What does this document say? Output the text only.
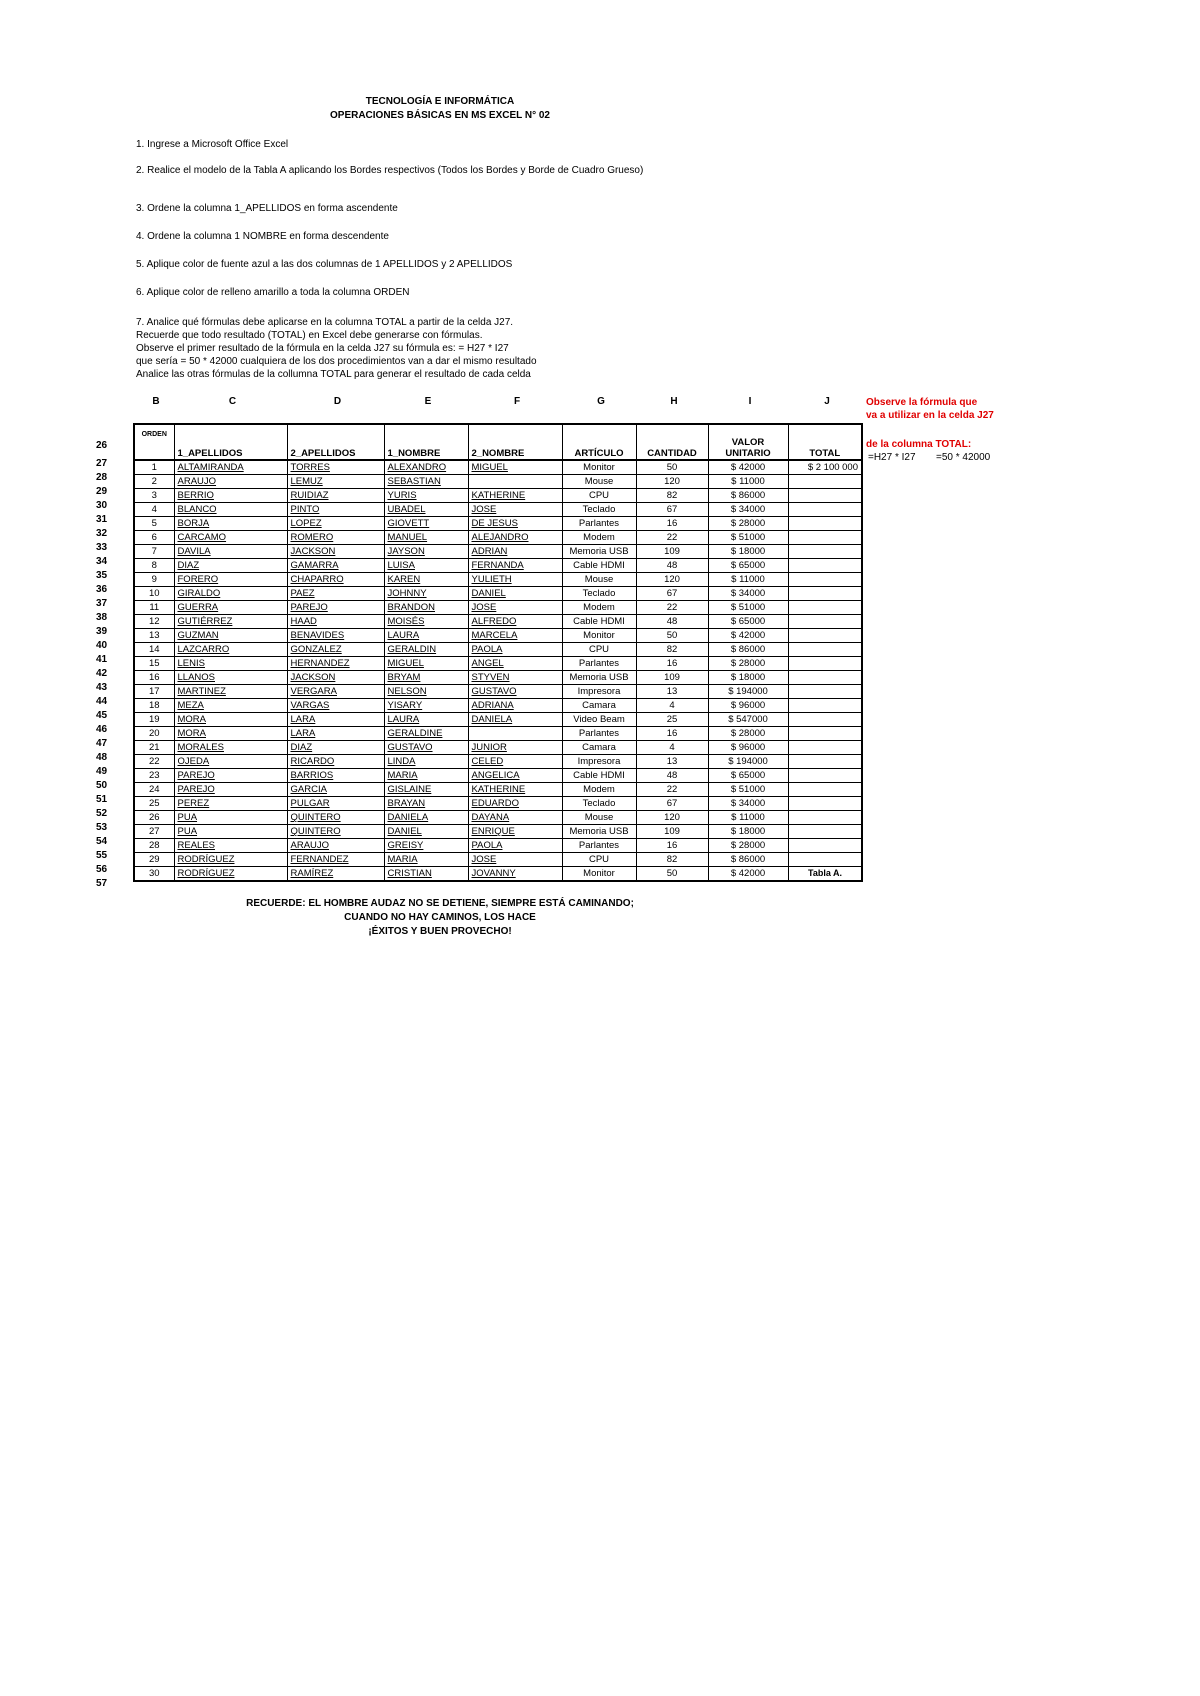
TECNOLOGÍA E INFORMÁTICA
OPERACIONES BÁSICAS EN MS EXCEL N° 02
1. Ingrese a Microsoft Office Excel
2. Realice el modelo de la Tabla A aplicando los Bordes respectivos (Todos los Bordes y Borde de Cuadro Grueso)
3. Ordene la columna 1_APELLIDOS en forma ascendente
4. Ordene la columna 1 NOMBRE en forma descendente
5. Aplique color de fuente azul a las dos columnas de 1 APELLIDOS y 2 APELLIDOS
6. Aplique color de relleno amarillo a toda la columna ORDEN

7. Analice qué fórmulas debe aplicarse en la columna TOTAL a partir de la celda J27.

Recuerde que todo resultado (TOTAL) en Excel debe generarse con fórmulas.

Observe el primer resultado de la fórmula en la celda J27 su fórmula es: = H27 * I27

que sería = 50 * 42000 cualquiera de los dos procedimientos van a dar el mismo resultado

Analice las otras fórmulas de la collumna TOTAL para generar el resultado de cada celda

B	C	D	E	F	G	H	I	J
26
27
28
29
30
31
32
33
34
35
36
37
38
39
40
41
42
43
44
45
46
47
48
49
50
51
52
53
54
55
56
57
ORDEN	1_APELLIDOS	2_APELLIDOS	1_NOMBRE	2_NOMBRE	ARTÍCULO	CANTIDAD	VALOR
UNITARIO	TOTAL
1	ALTAMIRANDA	TORRES	ALEXANDRO	MIGUEL	Monitor	50	$ 42000	$ 2 100 000
2	ARAUJO	LEMUZ	SEBASTIAN		Mouse	120	$ 11000	
3	BERRIO	RUIDIAZ	YURIS	KATHERINE	CPU	82	$ 86000	
4	BLANCO	PINTO	UBADEL	JOSE	Teclado	67	$ 34000	
5	BORJA	LOPEZ	GIOVETT	DE JESUS	Parlantes	16	$ 28000	
6	CARCAMO	ROMERO	MANUEL	ALEJANDRO	Modem	22	$ 51000	
7	DAVILA	JACKSON	JAYSON	ADRIAN	Memoria USB	109	$ 18000	
8	DIAZ	GAMARRA	LUISA	FERNANDA	Cable HDMI	48	$ 65000	
9	FORERO	CHAPARRO	KAREN	YULIETH	Mouse	120	$ 11000	
10	GIRALDO	PAEZ	JOHNNY	DANIEL	Teclado	67	$ 34000	
11	GUERRA	PAREJO	BRANDON	JOSE	Modem	22	$ 51000	
12	GUTIÉRREZ	HAAD	MOISÉS	ALFREDO	Cable HDMI	48	$ 65000	
13	GUZMAN	BENAVIDES	LAURA	MARCELA	Monitor	50	$ 42000	
14	LAZCARRO	GONZALEZ	GERALDIN	PAOLA	CPU	82	$ 86000	
15	LENIS	HERNANDEZ	MIGUEL	ANGEL	Parlantes	16	$ 28000	
16	LLANOS	JACKSON	BRYAM	STYVEN	Memoria USB	109	$ 18000	
17	MARTINEZ	VERGARA	NELSON	GUSTAVO	Impresora	13	$ 194000	
18	MEZA	VARGAS	YISARY	ADRIANA	Camara	4	$ 96000	
19	MORA	LARA	LAURA	DANIELA	Video Beam	25	$ 547000	
20	MORA	LARA	GERALDINE		Parlantes	16	$ 28000	
21	MORALES	DIAZ	GUSTAVO	JUNIOR	Camara	4	$ 96000	
22	OJEDA	RICARDO	LINDA	CELED	Impresora	13	$ 194000	
23	PAREJO	BARRIOS	MARIA	ANGELICA	Cable HDMI	48	$ 65000	
24	PAREJO	GARCIA	GISLAINE	KATHERINE	Modem	22	$ 51000	
25	PEREZ	PULGAR	BRAYAN	EDUARDO	Teclado	67	$ 34000	
26	PUA	QUINTERO	DANIELA	DAYANA	Mouse	120	$ 11000	
27	PUA	QUINTERO	DANIEL	ENRIQUE	Memoria USB	109	$ 18000	
28	REALES	ARAUJO	GREISY	PAOLA	Parlantes	16	$ 28000	
29	RODRÍGUEZ	FERNANDEZ	MARIA	JOSE	CPU	82	$ 86000	
30	RODRÍGUEZ	RAMÍREZ	CRISTIAN	JOVANNY	Monitor	50	$ 42000	
Observe la fórmula que
va a utilizar en la celda J27
de la columna TOTAL:
=H27 * I27 =50 * 42000
Tabla A.
RECUERDE: EL HOMBRE AUDAZ NO SE DETIENE, SIEMPRE ESTÁ CAMINANDO;
CUANDO NO HAY CAMINOS, LOS HACE
¡ÉXITOS Y BUEN PROVECHO!
